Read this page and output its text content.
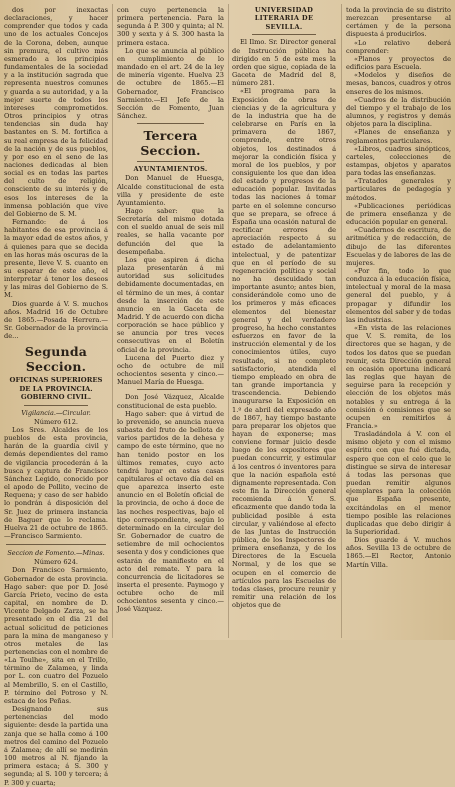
dos por inexactas declaraciones, y hacer comprender que todos y cada uno de los actuales Concejos de la Corona, deben, aunque sin premura, el cultivo más esmerado a los principios fundamentales de la sociedad y a la institución sagrada que representa nuestros comunes y guarda a su autoridad, y a la mejor suerte de todos los intereses comprometidos. Otros principios y otras tendencias sin duda hay bastantes en S. M. fortifica a su real empresa de la felicidad de la nación y de sus pueblos, y por eso en el seno de las naciones dedicadas al bien social es en todas las partes del culto de religión, consciente de su interés y de esos los intereses de la inmensa población que vive del Gobierno de S. M.

Fernando: de á los habitantes de esa provincia á la mayor edad de estos años, y á quienes para que se decida en las horas más oscuras de la presente, lleve V. S. cuanto en su esparar de este año, el interpretar á tenor los deseos y las miras del Gobierno de S. M.

Dios guarde á V. S. muchos años. Madrid 16 de Octubre de 1865.—Posada Herrera.—Sr. Gobernador de la provincia de...

Segunda Seccion.
OFICINAS SUPERIORES DE LA PROVINCIA. GOBIERNO CIVIL.
Vigilancia.—Circular.
Número 612.

Los Sres. Alcaldes de los pueblos de esta provincia, harán de la guardia civil y demás dependientes del ramo de vigilancia procederán á la busca y captura de Francisco Sánchez Legido, conocido por el apodo de Pollito, vecino de Requena; y caso de ser habido lo pondrán á disposición del Sr. Juez de primera instancia de Baguer que lo reclama. Huelva 21 de octubre de 1865.—Francisco Sarmiento.

Seccion de Fomento.—Minas.
Número 624.

Don Francisco Sarmiento, Gobernador de esta provincia. Hago saber: que por D. José García Prieto, vecino de esta capital, en nombre de D. Vicente Delgado Zarza, se ha presentado en el dia 21 del actual solicitud de peticiones para la mina de manganeso y otros metales de las pertenencias con el nombre de «La Toulhe», sita en el Trillo, término de Zalamea, y linda por L. con cuatro del Pozuelo al Membrillo, S. en el Castillo, P. término del Potroso y N. estaca de los Peñas.

Designando sus pertenencias del modo siguiente: desde la partida una zanja que se halla como á 100 metros del camino del Pozuelo á Zalamea; de allí se medirán 100 metros al N. fijando la primera estaca; á S. 300 y segunda; al S. 100 y tercera; á P. 300 y cuarta;

con cuyo pertenencia la primera pertenencia. Para la segunda á P. 300 y quinta; al N. 300 y sexta y á S. 300 hasta la primera estaca.

Lo que se anuncia al público en cumplimiento de lo mandado en el art. 24 de la ley de minería vigente. Huelva 23 de octubre de 1865.—El Gobernador, Francisco Sarmiento.—El Jefe de la Sección de Fomento, Juan Sánchez.

Tercera Seccion.
AYUNTAMIENTOS.

Don Manuel de Huesga, Alcalde constitucional de esta villa y presidente de este Ayuntamiento.

Hago saber: que la Secretaría del mismo dotada con el sueldo anual de seis mil reales, se halla vacante por defunción del que la desempeñaba.

Los que aspiren á dicha plaza presentarán á mi autoridad sus solicitudes debidamente documentadas, en el término de un mes, á contar desde la inserción de este anuncio en la Gaceta de Madrid. Y de acuerdo con dicha corporación se hace público y se anuncia por tres veces consecutivas en el Boletín oficial de la provincia.

Lucena del Puerto diez y ocho de octubre de mil ochocientos sesenta y cinco.—Manuel María de Huesga.

Don José Vázquez, Alcalde constitucional de esta pueblo.

Hago saber: que á virtud de lo prevenido, se anuncia nueva subasta del fruto de bellota de varios partidos de la dehesa y campo de este término, que no han tenido postor en los últimos remates, cuyo acto tendrá lugar en estas casas capitulares el octavo día del en que aparezca inserto este anuncio en el Boletín oficial de la provincia, de ocho á doce de las noches respectivas, bajo el tipo correspondiente, según lo determinado en la circular del Sr. Gobernador de cuatro de setiembre de mil ochocientos sesenta y dos y condiciones que estarán de manifiesto en el acto del remate. Y para la concurrencia de licitadores se inserta el presente. Paymogo y octubre ocho de mil ochocientos sesenta y cinco.—José Vázquez.

UNIVERSIDAD LITERARIA DE
SEVILLA.

El Ilmo. Sr. Director general de Instrucción pública ha dirigido en 5 de este mes la orden que sigue, copiada de la Gaceta de Madrid del 8, número 281.

«El programa para la Exposición de obras de ciencias y de la agricultura y de la industria que ha de celebrarse en París en la primavera de 1867, comprende, entre otros objetos, los destinados á mejorar la condición física y moral de los pueblos, y por consiguiente los que dan idea del estado y progresos de la educación popular. Invitadas todas las naciones á tomar parte en el solemne concurso que se prepara, se ofrece á España una ocasión natural de rectificar errores de apreciación respecto á su estado de adelantamiento intelectual, y de patentizar que en el período de su regeneración política y social no ha descuidado tan importante asunto; antes bien, considerándole como uno de los primeros y más eficaces elementos del bienestar general y del verdadero progreso, ha hecho constantes esfuerzos en favor de la instrucción elemental y de los conocimientos útiles, cuyo resultado, si no completo satisfactorio, atendida el tiempo empleado en obra de tan grande importancia y trascendencia. Debiendo inaugurarse la Exposición en 1.º de abril del expresado año de 1867, hay tiempo bastante para preparar los objetos que hayan de exponerse; mas conviene formar juicio desde luego de los expositores que puedan concurrir, y estimular á los centros ó inventores para que la nación española esté dignamente representada. Con este fin la Dirección general recomienda á V. S. eficazmente que dando toda la publicidad posible á esta circular, y valiéndose al efecto de las Juntas de Instrucción pública, de los Inspectores de primera enseñanza, y de los Directores de la Escuela Normal, y de los que se ocupen en el comercio de artículos para las Escuelas de todas clases, procure reunir y remitir una relación de los objetos que de

toda la provincia de su distrito merezcan presentarse al certámen y de la persona dispuesta á producirlos.

«Lo relativo deberá comprender:

«Planos y proyectos de edificios para Escuela.

«Modelos y diseños de mesas, bancos, cuadros y otros enseres de los mismos.

«Cuadros de la distribución del tiempo y el trabajo de los alumnos, y registros y demás objetos para la disciplina.

«Planes de enseñanza y reglamentos particulares.

«Libros, cuadros sinópticos, carteles, colecciones de estampas, objetos y aparatos para todas las enseñanzas.

«Tratados generales y particulares de pedagogía y métodos.

«Publicaciones periódicas de primera enseñanza y de educación popular en general.

«Cuadernos de escritura, de aritmética y de redacción, de dibujo de las diferentes Escuelas y de labores de las de mujeres.

«Por fin, todo lo que conduzca á la educación física, intelectual y moral de la masa general del pueblo, y á propagar y difundir los elementos del saber y de todas las industrias.

«En vista de las relaciones que V. S. remita, de los directores que se hagan, y de todos los datos que se puedan reunir, esta Dirección general en ocasión oportuna indicará las reglas que hayan de seguirse para la recepción y elección de los objetos más notables y su entrega á la comisión ó comisiones que se ocupen en remitirlos á Francia.»

Trasladándola á V. con el mismo objeto y con el mismo espíritu con que fué dictada, espero que con el celo que le distingue se sirva de interesar á todas las personas que puedan remitir algunos ejemplares para la colección que España presente, excitándolas en el menor tiempo posible las relaciones duplicadas que debo dirigir á la Superioridad.

Dios guarde á V. muchos años. Sevilla 13 de octubre de 1865.—El Rector, Antonio Martín Villa.
